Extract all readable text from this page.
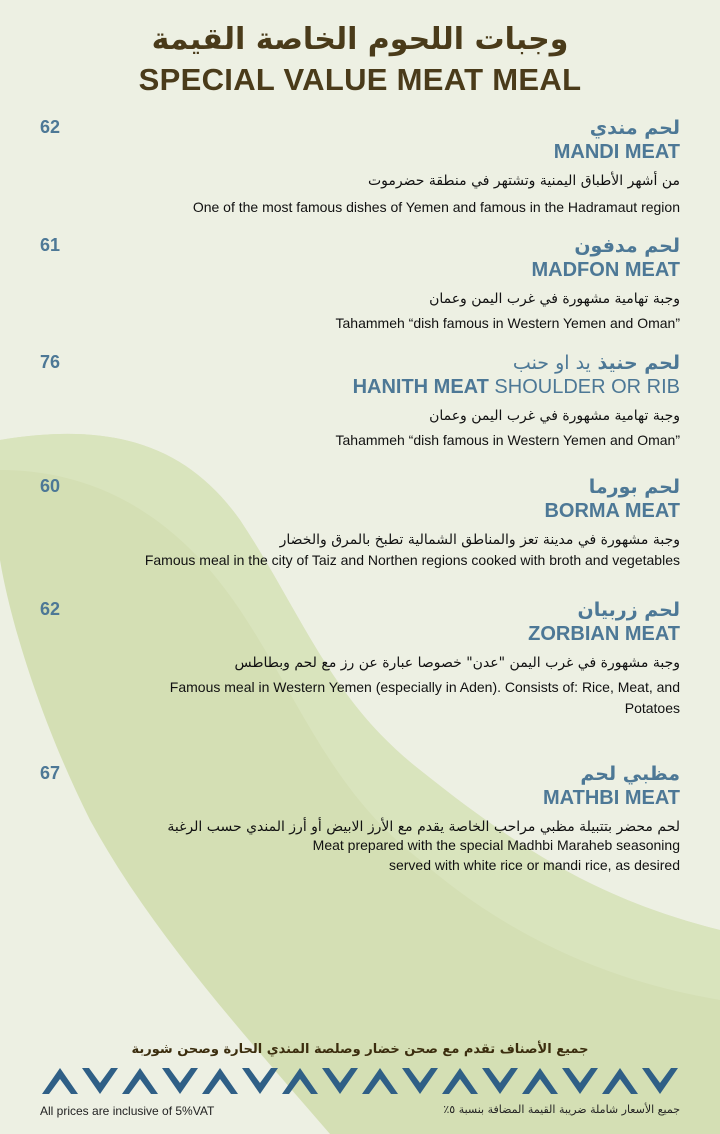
وجبات اللحوم الخاصة القيمة
SPECIAL VALUE MEAT MEAL
62	لحم مندي
MANDI MEAT
من أشهر الأطباق اليمنية وتشتهر في منطقة حضرموت
One of the most famous dishes of Yemen and famous in the Hadramaut region
61	لحم مدفون
MADFON MEAT
وجبة تهامية مشهورة في غرب اليمن وعمان
Tahammeh “dish famous in Western Yemen and Oman”
76	لحم حنيذ يد او حنب
HANITH MEAT SHOULDER OR RIB
وجبة تهامية مشهورة في غرب اليمن وعمان
Tahammeh “dish famous in Western Yemen and Oman”
60	لحم بورما
BORMA MEAT
وجبة مشهورة في مدينة تعز والمناطق الشمالية تطبخ بالمرق والخضار
Famous meal in the city of Taiz and Northen regions cooked with broth and vegetables
62	لحم زربيان
ZORBIAN MEAT
وجبة مشهورة في غرب اليمن "عدن" خصوصا عبارة عن رز مع لحم وبطاطس
Famous meal in Western Yemen (especially in Aden). Consists of: Rice, Meat, and
Potatoes
67	مظبي لحم
MATHBI MEAT
لحم محضر بتتبيلة مظبي مراحب الخاصة يقدم مع الأرز الابيض أو أرز المندي حسب الرغبة
Meat prepared with the special Madhbi Maraheb seasoning
served with white rice or mandi rice, as desired
جميع الأصناف تقدم مع صحن خضار وصلصة المندي الحارة وصحن شوربة
All prices are inclusive of 5%VAT	جميع الأسعار شاملة ضريبة القيمة المضافة بنسبة ٥٪
